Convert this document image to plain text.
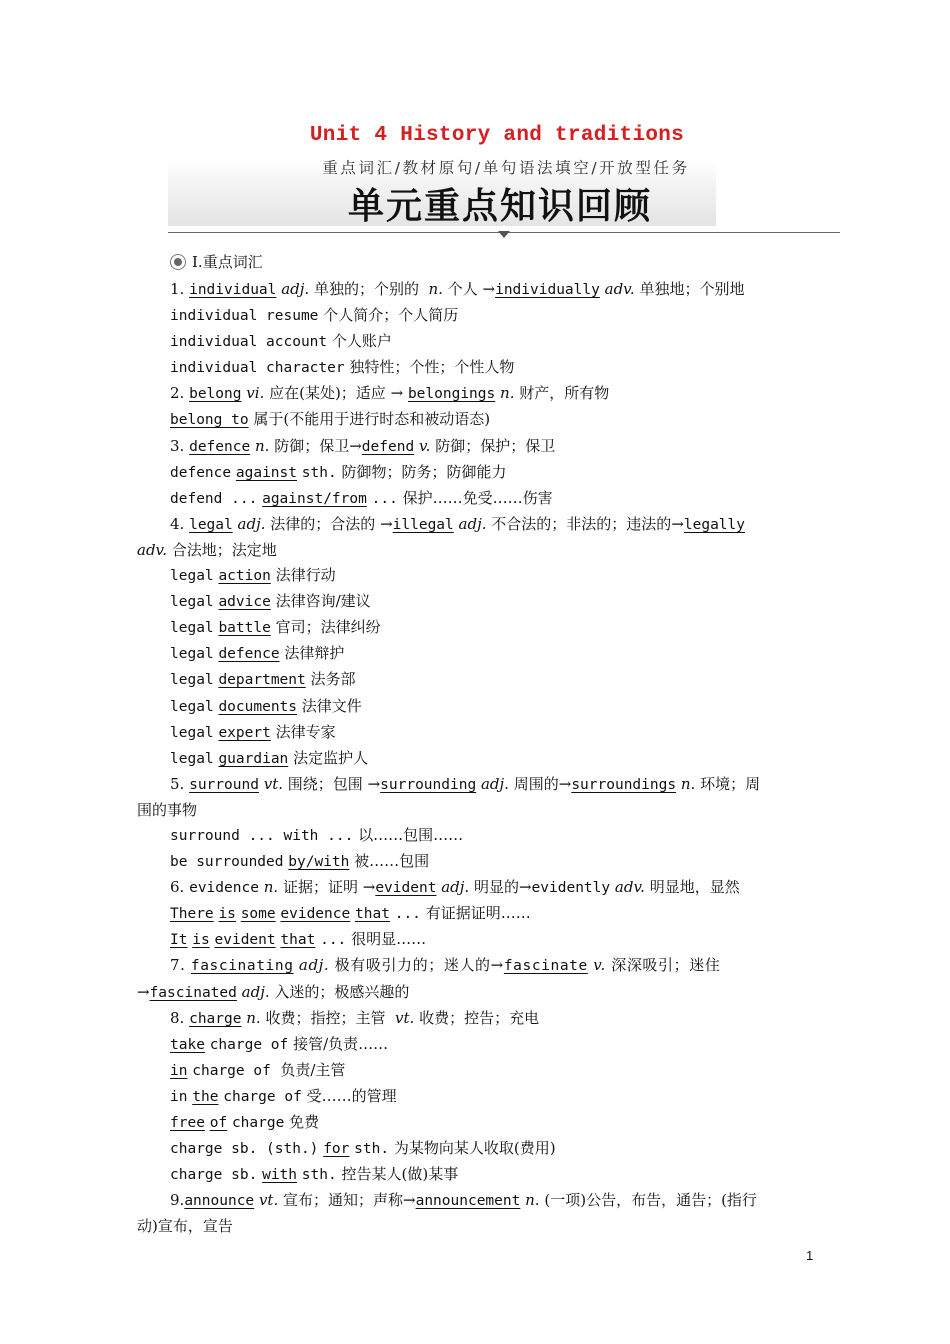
Unit 4 History and traditions
重点词汇/教材原句/单句语法填空/开放型任务
单元重点知识回顾
Ⅰ.重点词汇
1. individual adj. 单独的；个别的 n. 个人 →individually adv. 单独地；个别地
individual resume 个人简介；个人简历
individual account 个人账户
individual character 独特性；个性；个性人物
2. belong vi. 应在(某处)；适应 → belongings n. 财产，所有物
belong to 属于(不能用于进行时态和被动语态)
3. defence n. 防御；保卫→defend v. 防御；保护；保卫
defence against sth. 防御物；防务；防御能力
defend ... against/from ... 保护……免受……伤害
4. legal adj. 法律的；合法的 →illegal adj. 不合法的；非法的；违法的→legally
adv. 合法地；法定地
legal action 法律行动
legal advice 法律咨询/建议
legal battle 官司；法律纠纷
legal defence 法律辩护
legal department 法务部
legal documents 法律文件
legal expert 法律专家
legal guardian 法定监护人
5. surround vt. 围绕；包围 →surrounding adj. 周围的→surroundings n. 环境；周
围的事物
surround ... with ... 以……包围……
be surrounded by/with 被……包围
6. evidence n. 证据；证明 →evident adj. 明显的→evidently adv. 明显地，显然
There is some evidence that ... 有证据证明……
It is evident that ... 很明显……
7. fascinating adj. 极有吸引力的；迷人的→fascinate v. 深深吸引；迷住
→fascinated adj. 入迷的；极感兴趣的
8. charge n. 收费；指控；主管 vt. 收费；控告；充电
take charge of 接管/负责……
in charge of 负责/主管
in the charge of 受……的管理
free of charge 免费
charge sb. (sth.) for sth. 为某物向某人收取(费用)
charge sb. with sth. 控告某人(做)某事
9.announce vt. 宣布；通知；声称→announcement n. (一项)公告，布告，通告；(指行
动)宣布，宣告
1
